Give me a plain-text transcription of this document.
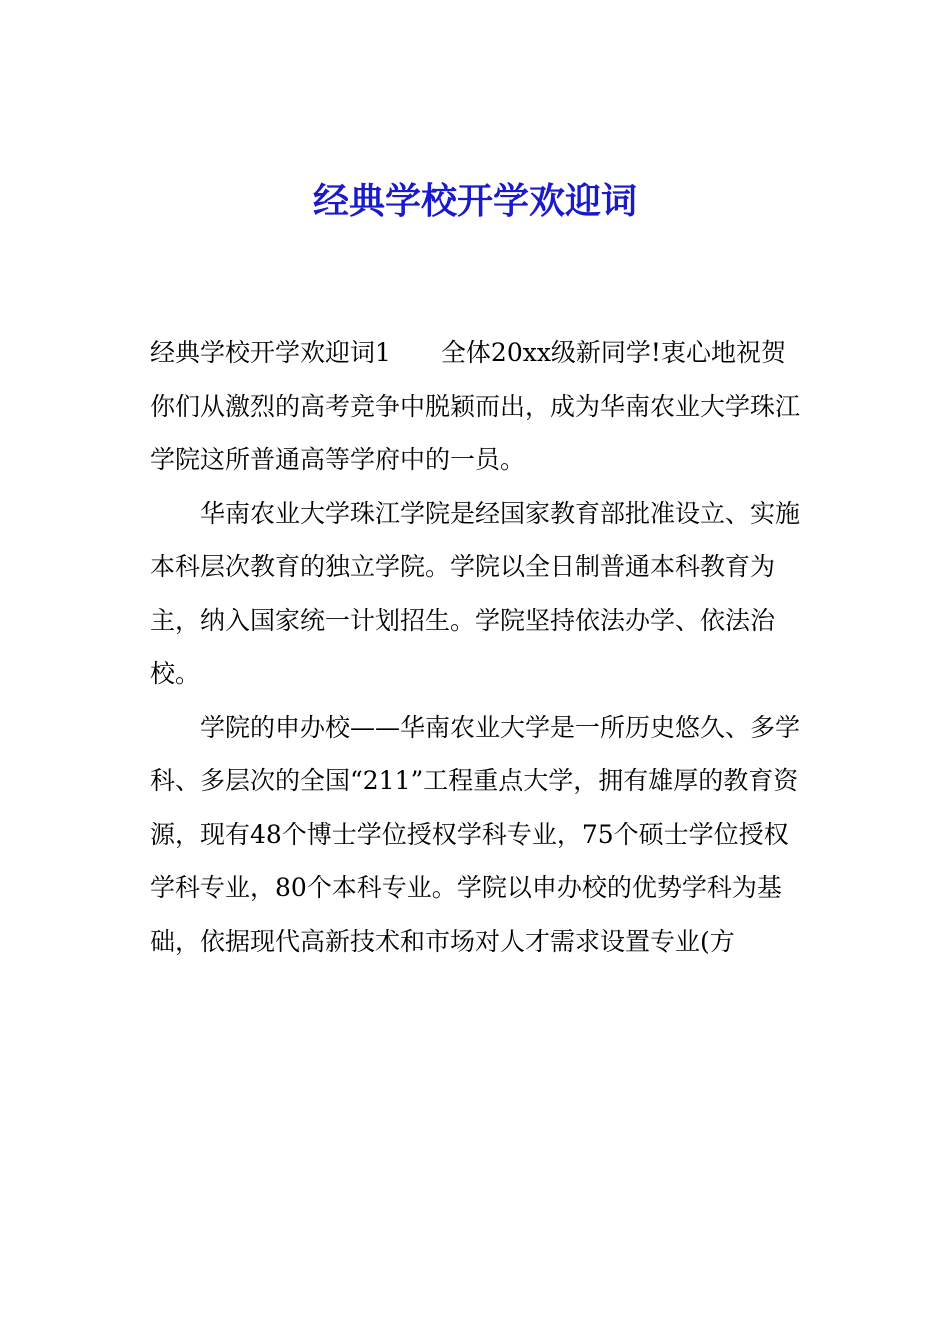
经典学校开学欢迎词

经典学校开学欢迎词1　　全体20xx级新同学!衷心地祝贺你们从激烈的高考竞争中脱颖而出，成为华南农业大学珠江学院这所普通高等学府中的一员。

华南农业大学珠江学院是经国家教育部批准设立、实施本科层次教育的独立学院。学院以全日制普通本科教育为主，纳入国家统一计划招生。学院坚持依法办学、依法治校。

学院的申办校——华南农业大学是一所历史悠久、多学科、多层次的全国“211”工程重点大学，拥有雄厚的教育资源，现有48个博士学位授权学科专业，75个硕士学位授权学科专业，80个本科专业。学院以申办校的优势学科为基础，依据现代高新技术和市场对人才需求设置专业(方
